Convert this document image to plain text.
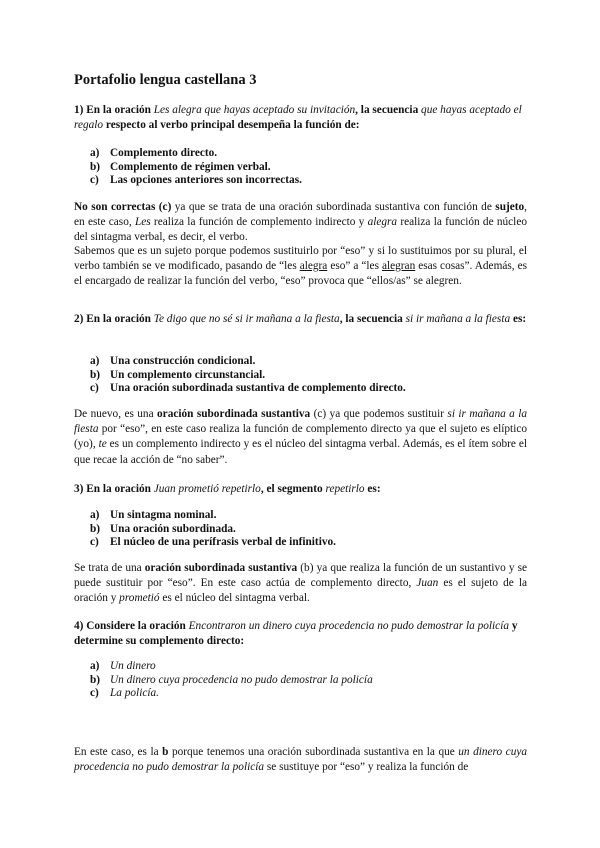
Portafolio lengua castellana 3

1) En la oración Les alegra que hayas aceptado su invitación, la secuencia que hayas aceptado el regalo respecto al verbo principal desempeña la función de:

a) Complemento directo.
b) Complemento de régimen verbal.
c) Las opciones anteriores son incorrectas.

No son correctas (c) ya que se trata de una oración subordinada sustantiva con función de sujeto, en este caso, Les realiza la función de complemento indirecto y alegra realiza la función de núcleo del sintagma verbal, es decir, el verbo.

Sabemos que es un sujeto porque podemos sustituirlo por “eso” y si lo sustituimos por su plural, el verbo también se ve modificado, pasando de “les alegra eso” a “les alegran esas cosas”. Además, es el encargado de realizar la función del verbo, “eso” provoca que “ellos/as” se alegren.

2) En la oración Te digo que no sé si ir mañana a la fiesta, la secuencia si ir mañana a la fiesta es:

a) Una construcción condicional.
b) Un complemento circunstancial.
c) Una oración subordinada sustantiva de complemento directo.

De nuevo, es una oración subordinada sustantiva (c) ya que podemos sustituir si ir mañana a la fiesta por “eso”, en este caso realiza la función de complemento directo ya que el sujeto es elíptico (yo), te es un complemento indirecto y es el núcleo del sintagma verbal. Además, es el ítem sobre el que recae la acción de “no saber”.

3) En la oración Juan prometió repetirlo, el segmento repetirlo es:

a) Un sintagma nominal.
b) Una oración subordinada.
c) El núcleo de una perífrasis verbal de infinitivo.

Se trata de una oración subordinada sustantiva (b) ya que realiza la función de un sustantivo y se puede sustituir por “eso”. En este caso actúa de complemento directo, Juan es el sujeto de la oración y prometió es el núcleo del sintagma verbal.

4) Considere la oración Encontraron un dinero cuya procedencia no pudo demostrar la policía y determine su complemento directo:

a) Un dinero
b) Un dinero cuya procedencia no pudo demostrar la policía
c) La policía.

En este caso, es la b porque tenemos una oración subordinada sustantiva en la que un dinero cuya procedencia no pudo demostrar la policía se sustituye por “eso” y realiza la función de
